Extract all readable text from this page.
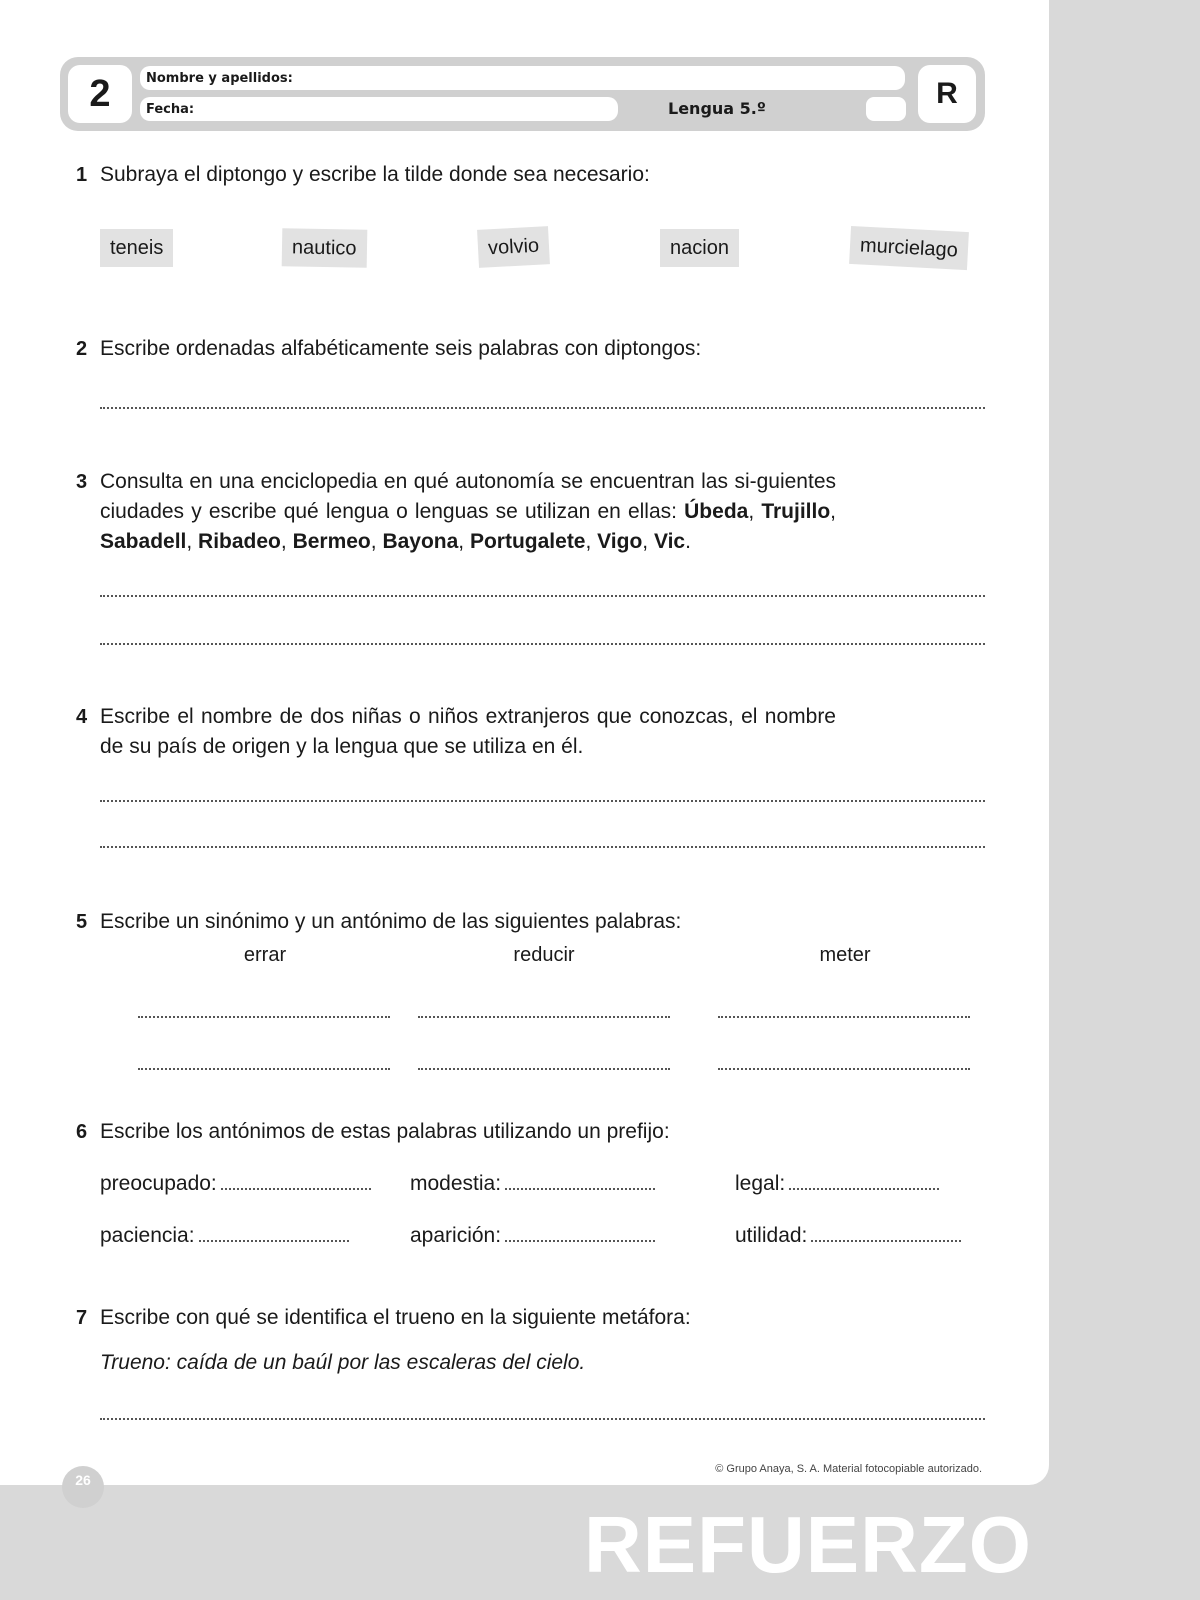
REFUERZO
2	Nombre y apellidos:
Fecha:	Lengua 5.º	R
1 Subraya el diptongo y escribe la tilde donde sea necesario:
teneis	nautico	volvio	nacion	murcielago
2 Escribe ordenadas alfabéticamente seis palabras con diptongos:
3 Consulta en una enciclopedia en qué autonomía se encuentran las si-guientes ciudades y escribe qué lengua o lenguas se utilizan en ellas: Úbeda, Trujillo, Sabadell, Ribadeo, Bermeo, Bayona, Portugalete, Vigo, Vic.
4 Escribe el nombre de dos niñas o niños extranjeros que conozcas, el nombre de su país de origen y la lengua que se utiliza en él.
5 Escribe un sinónimo y un antónimo de las siguientes palabras:
errar	reducir	meter
6 Escribe los antónimos de estas palabras utilizando un prefijo:
preocupado:	modestia:	legal:
paciencia:	aparición:	utilidad:
7 Escribe con qué se identifica el trueno en la siguiente metáfora:
Trueno: caída de un baúl por las escaleras del cielo.
© Grupo Anaya, S. A. Material fotocopiable autorizado.
26
